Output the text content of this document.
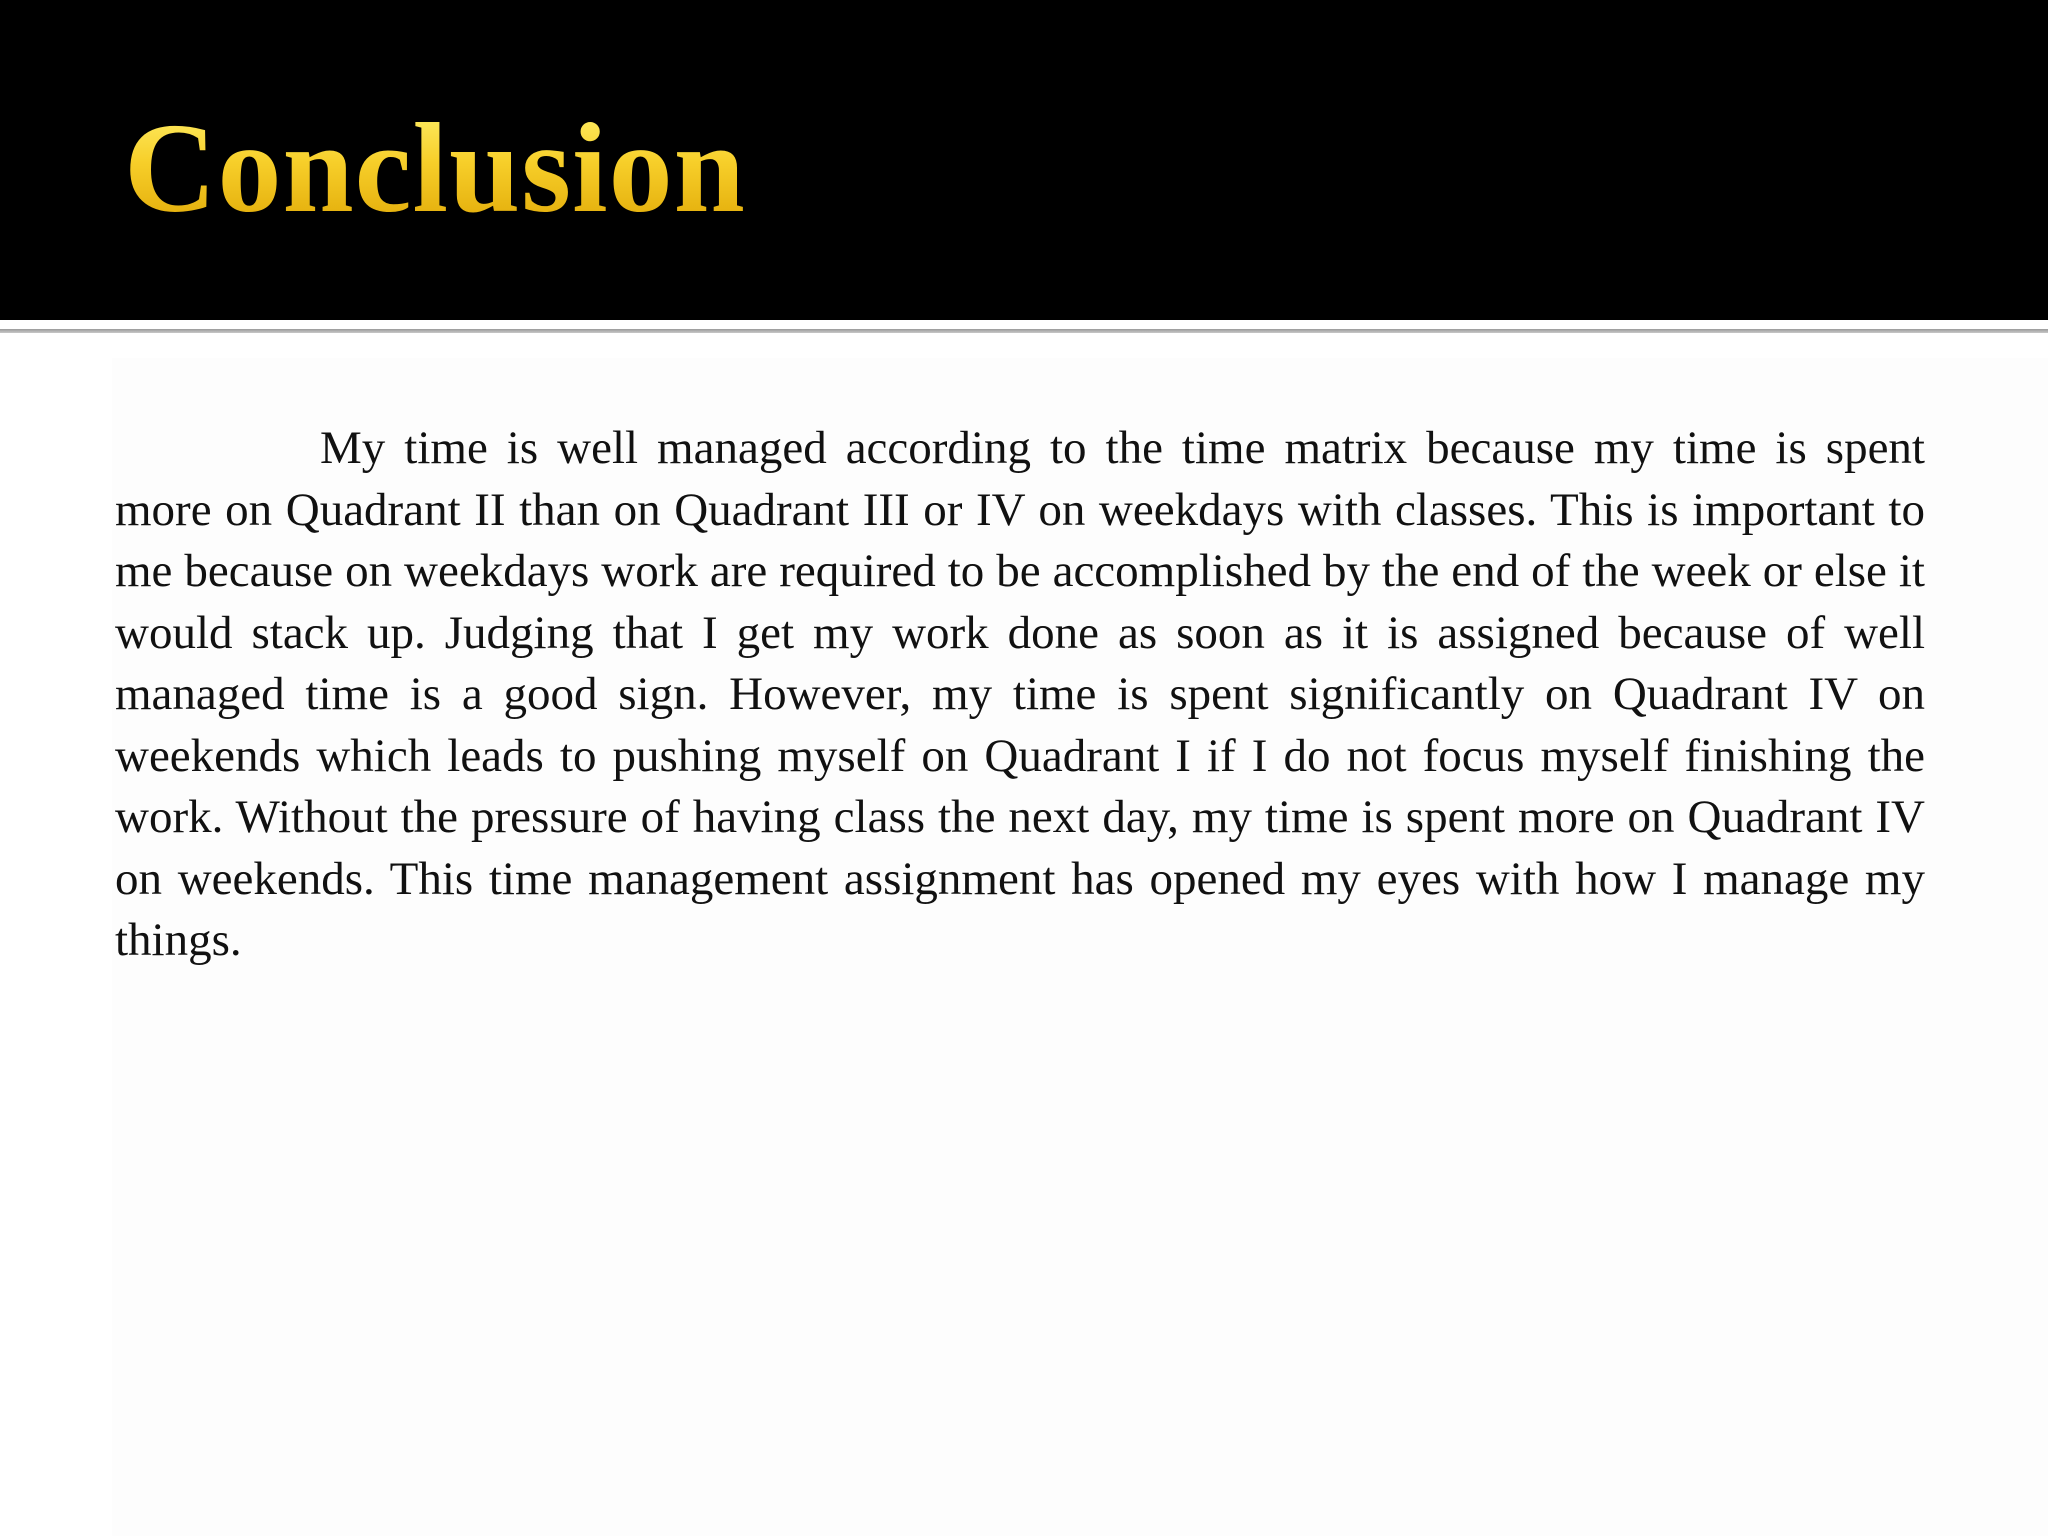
Conclusion

My time is well managed according to the time matrix because my time is spent more on Quadrant II than on Quadrant III or IV on weekdays with classes. This is important to me because on weekdays work are required to be accomplished by the end of the week or else it would stack up. Judging that I get my work done as soon as it is assigned because of well managed time is a good sign. However, my time is spent significantly on Quadrant IV on weekends which leads to pushing myself on Quadrant I if I do not focus myself finishing the work. Without the pressure of having class the next day, my time is spent more on Quadrant IV on weekends. This time management assignment has opened my eyes with how I manage my things.
